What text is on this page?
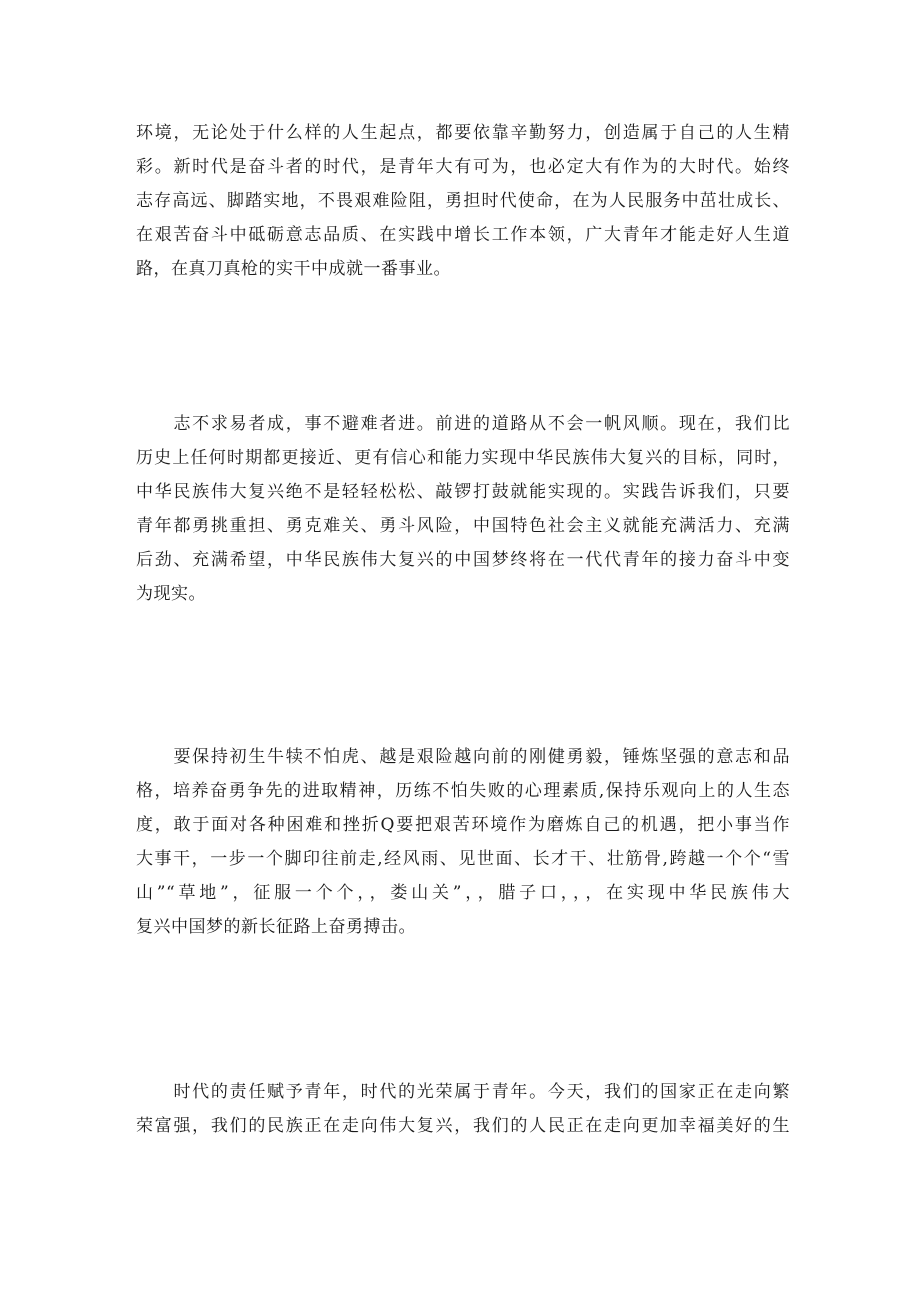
环境，无论处于什么样的人生起点，都要依靠辛勤努力，创造属于自己的人生精
彩。新时代是奋斗者的时代，是青年大有可为，也必定大有作为的大时代。始终
志存高远、脚踏实地，不畏艰难险阻，勇担时代使命，在为人民服务中茁壮成长、
在艰苦奋斗中砥砺意志品质、在实践中增长工作本领，广大青年才能走好人生道
路，在真刀真枪的实干中成就一番事业。
　　志不求易者成，事不避难者进。前进的道路从不会一帆风顺。现在，我们比
历史上任何时期都更接近、更有信心和能力实现中华民族伟大复兴的目标，同时，
中华民族伟大复兴绝不是轻轻松松、敲锣打鼓就能实现的。实践告诉我们，只要
青年都勇挑重担、勇克难关、勇斗风险，中国特色社会主义就能充满活力、充满
后劲、充满希望，中华民族伟大复兴的中国梦终将在一代代青年的接力奋斗中变
为现实。
　　要保持初生牛犊不怕虎、越是艰险越向前的刚健勇毅，锤炼坚强的意志和品
格，培养奋勇争先的进取精神，历练不怕失败的心理素质,保持乐观向上的人生态
度，敢于面对各种困难和挫折Q要把艰苦环境作为磨炼自己的机遇，把小事当作
大事干，一步一个脚印往前走,经风雨、见世面、长才干、壮筋骨,跨越一个个“雪
山”“草地”，征服一个个，，娄山关”，，腊子口，，，在实现中华民族伟大
复兴中国梦的新长征路上奋勇搏击。
　　时代的责任赋予青年，时代的光荣属于青年。今天，我们的国家正在走向繁
荣富强，我们的民族正在走向伟大复兴，我们的人民正在走向更加幸福美好的生
